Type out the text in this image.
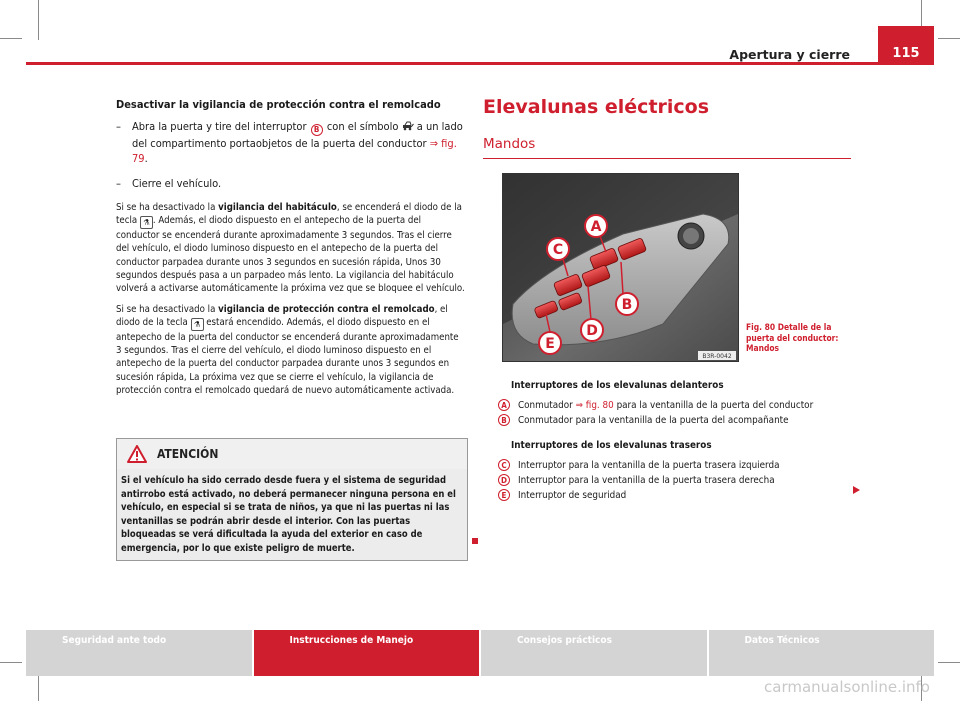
Apertura y cierre	115
Desactivar la vigilancia de protección contra el remolcado
–	Abra la puerta y tire del interruptor B con el símbolo a un lado del compartimento portaobjetos de la puerta del conductor ⇒ fig. 79.
–	Cierre el vehículo.

Si se ha desactivado la vigilancia del habitáculo, se encenderá el diodo de la tecla ⚗ . Además, el diodo dispuesto en el antepecho de la puerta del conductor se encenderá durante aproximadamente 3 segundos. Tras el cierre del vehículo, el diodo luminoso dispuesto en el antepecho de la puerta del conductor parpadea durante unos 3 segundos en sucesión rápida, Unos 30 segundos después pasa a un parpadeo más lento. La vigilancia del habitáculo volverá a activarse automáticamente la próxima vez que se bloquee el vehículo.

Si se ha desactivado la vigilancia de protección contra el remolcado, el diodo de la tecla ⚗ estará encendido. Además, el diodo dispuesto en el antepecho de la puerta del conductor se encenderá durante aproximadamente 3 segundos. Tras el cierre del vehículo, el diodo luminoso dispuesto en el antepecho de la puerta del conductor parpadea durante unos 3 segundos en sucesión rápida, La próxima vez que se cierre el vehículo, la vigilancia de protección contra el remolcado quedará de nuevo automáticamente activada.

ATENCIÓN
Si el vehículo ha sido cerrado desde fuera y el sistema de seguridad antirrobo está activado, no deberá permanecer ninguna persona en el vehículo, en especial si se trata de niños, ya que ni las puertas ni las ventanillas se podrán abrir desde el interior. Con las puertas bloqueadas se verá dificultada la ayuda del exterior en caso de emergencia, por lo que existe peligro de muerte.
Elevalunas eléctricos
Mandos
A
B
C
D
E
B3R-0042
Fig. 80 Detalle de la puerta del conductor: Mandos
Interruptores de los elevalunas delanteros
A	Conmutador ⇒ fig. 80 para la ventanilla de la puerta del conductor
B	Conmutador para la ventanilla de la puerta del acompañante
Interruptores de los elevalunas traseros
C	Interruptor para la ventanilla de la puerta trasera izquierda
D	Interruptor para la ventanilla de la puerta trasera derecha
E	Interruptor de seguridad
Seguridad ante todo	Instrucciones de Manejo	Consejos prácticos	Datos Técnicos
carmanualsonline.info
